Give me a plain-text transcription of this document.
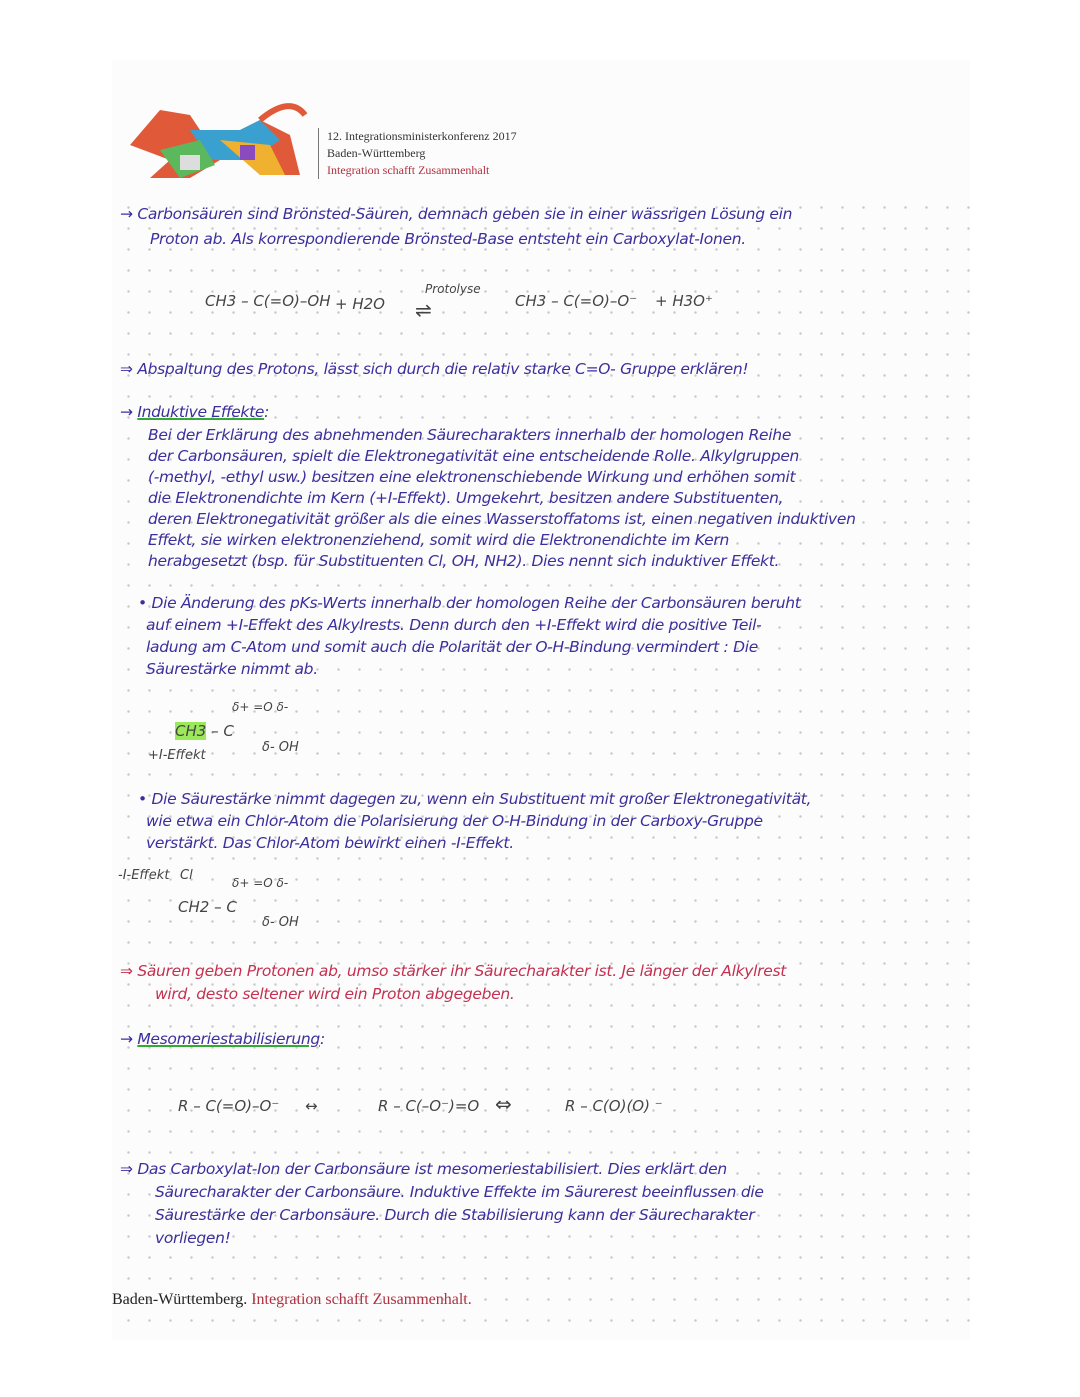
12. Integrationsministerkonferenz 2017
Baden-Württemberg
Integration schafft Zusammenhalt
→ Carbonsäuren sind Brönsted-Säuren, demnach geben sie in einer wässrigen Lösung ein
Proton ab. Als korrespondierende Brönsted-Base entsteht ein Carboxylat-Ionen.
CH3 – C(=O)–OH + H2O
Protolyse
⇌	CH3 – C(=O)–O⁻ + H3O⁺
⇒ Abspaltung des Protons, lässt sich durch die relativ starke C=O- Gruppe erklären!
→ Induktive Effekte:
Bei der Erklärung des abnehmenden Säurecharakters innerhalb der homologen Reihe
der Carbonsäuren, spielt die Elektronegativität eine entscheidende Rolle. Alkylgruppen
(-methyl, -ethyl usw.) besitzen eine elektronenschiebende Wirkung und erhöhen somit
die Elektronendichte im Kern (+I-Effekt). Umgekehrt, besitzen andere Substituenten,
deren Elektronegativität größer als die eines Wasserstoffatoms ist, einen negativen induktiven
Effekt, sie wirken elektronenziehend, somit wird die Elektronendichte im Kern
herabgesetzt (bsp. für Substituenten Cl, OH, NH2). Dies nennt sich induktiver Effekt.
• Die Änderung des pKs-Werts innerhalb der homologen Reihe der Carbonsäuren beruht
auf einem +I-Effekt des Alkylrests. Denn durch den +I-Effekt wird die positive Teil-
ladung am C-Atom und somit auch die Polarität der O-H-Bindung vermindert : Die
Säurestärke nimmt ab.
δ+ =O δ-
CH3 – C
δ- OH
+I-Effekt
• Die Säurestärke nimmt dagegen zu, wenn ein Substituent mit großer Elektronegativität,
wie etwa ein Chlor-Atom die Polarisierung der O-H-Bindung in der Carboxy-Gruppe
verstärkt. Das Chlor-Atom bewirkt einen -I-Effekt.
-I-Effekt Cl	δ+ =O δ-
CH2 – C
δ- OH
⇒ Säuren geben Protonen ab, umso stärker ihr Säurecharakter ist. Je länger der Alkylrest
wird, desto seltener wird ein Proton abgegeben.
→ Mesomeriestabilisierung:
R – C(=O)–O⁻ ↔	R – C(–O⁻)=O ⇔	R – C(O)(O) ⁻
⇒ Das Carboxylat-Ion der Carbonsäure ist mesomeriestabilisiert. Dies erklärt den
Säurecharakter der Carbonsäure. Induktive Effekte im Säurerest beeinflussen die
Säurestärke der Carbonsäure. Durch die Stabilisierung kann der Säurecharakter
vorliegen!
Baden-Württemberg. Integration schafft Zusammenhalt.
